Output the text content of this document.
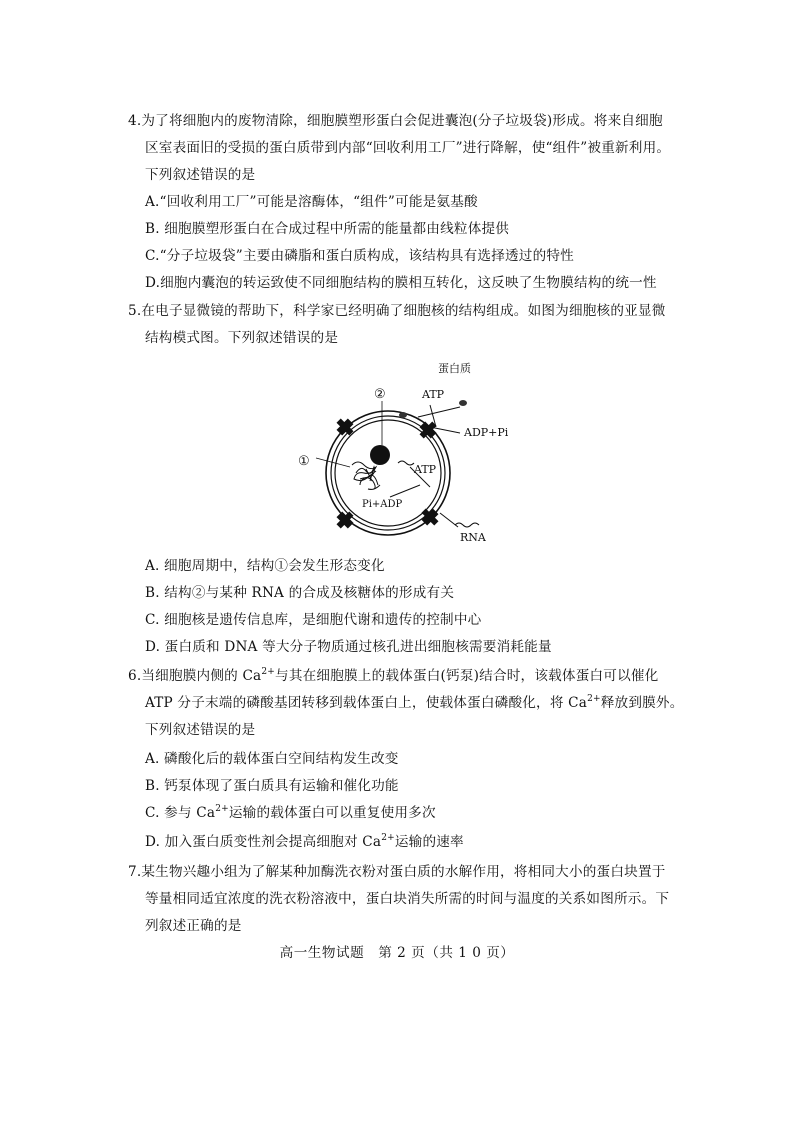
4.为了将细胞内的废物清除，细胞膜塑形蛋白会促进囊泡(分子垃圾袋)形成。将来自细胞
区室表面旧的受损的蛋白质带到内部“回收利用工厂”进行降解，使“组件”被重新利用。
下列叙述错误的是
A.“回收利用工厂”可能是溶酶体，“组件”可能是氨基酸
B. 细胞膜塑形蛋白在合成过程中所需的能量都由线粒体提供
C.“分子垃圾袋”主要由磷脂和蛋白质构成，该结构具有选择透过的特性
D.细胞内囊泡的转运致使不同细胞结构的膜相互转化，这反映了生物膜结构的统一性
5.在电子显微镜的帮助下，科学家已经明确了细胞核的结构组成。如图为细胞核的亚显微
结构模式图。下列叙述错误的是
蛋白质
ATP
ADP+Pi
②
①
ATP
Pi+ADP
RNA
A. 细胞周期中，结构①会发生形态变化
B. 结构②与某种 RNA 的合成及核糖体的形成有关
C. 细胞核是遗传信息库，是细胞代谢和遗传的控制中心
D. 蛋白质和 DNA 等大分子物质通过核孔进出细胞核需要消耗能量
6.当细胞膜内侧的 $Ca^{2+}$与其在细胞膜上的载体蛋白(钙泵)结合时，该载体蛋白可以催化
ATP 分子末端的磷酸基团转移到载体蛋白上，使载体蛋白磷酸化，将 $Ca^{2+}$释放到膜外。
下列叙述错误的是
A. 磷酸化后的载体蛋白空间结构发生改变
B. 钙泵体现了蛋白质具有运输和催化功能
C. 参与 $Ca^{2+}$运输的载体蛋白可以重复使用多次
D. 加入蛋白质变性剂会提高细胞对 $Ca^{2+}$运输的速率
7.某生物兴趣小组为了解某种加酶洗衣粉对蛋白质的水解作用，将相同大小的蛋白块置于
等量相同适宜浓度的洗衣粉溶液中，蛋白块消失所需的时间与温度的关系如图所示。下
列叙述正确的是
高一生物试题　第 2 页（共 1 0 页）
